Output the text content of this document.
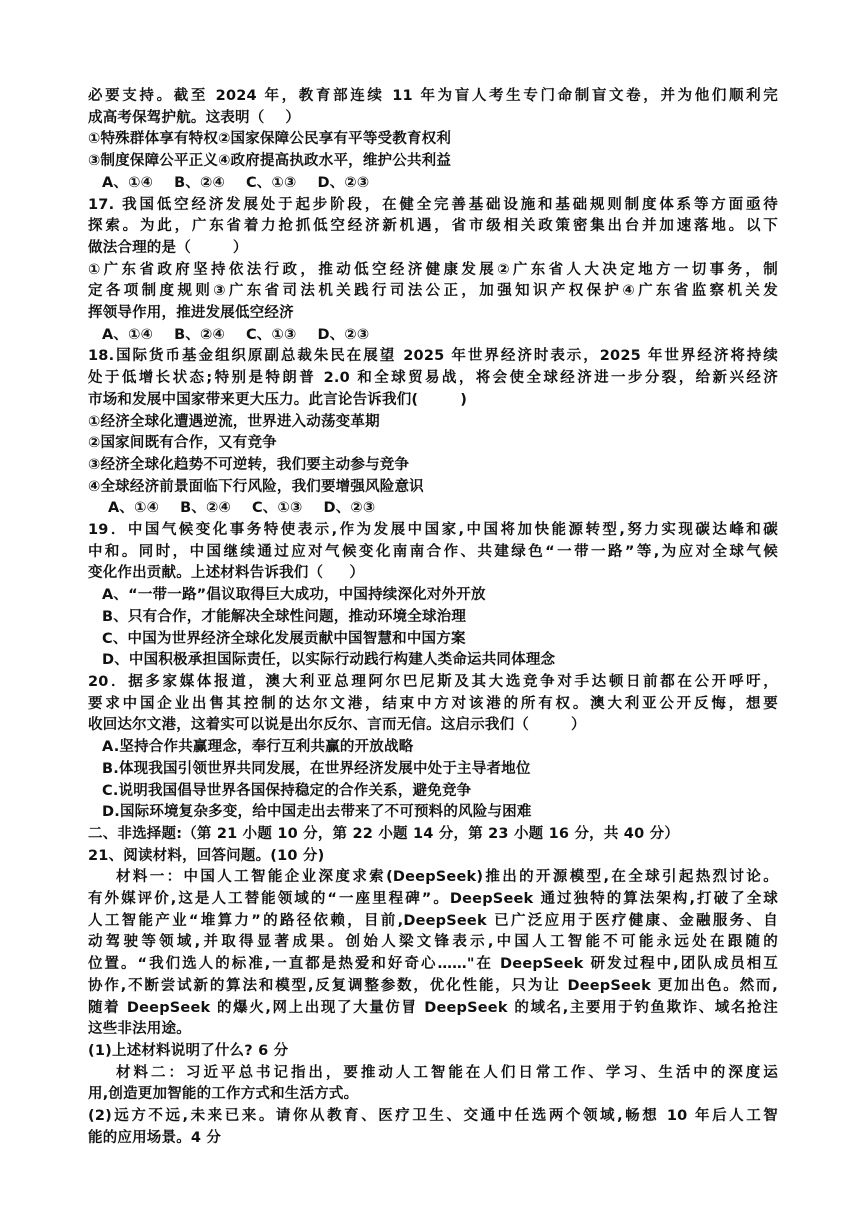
必要支持。截至 2024 年，教育部连续 11 年为盲人考生专门命制盲文卷，并为他们顺利完
成高考保驾护航。这表明（    ）
①特殊群体享有特权②国家保障公民享有平等受教育权利
③制度保障公平正义④政府提高执政水平，维护公共利益
A、①④    B、②④    C、①③    D、②③
17. 我国低空经济发展处于起步阶段，在健全完善基础设施和基础规则制度体系等方面亟待
探索。为此，广东省着力抢抓低空经济新机遇，省市级相关政策密集出台并加速落地。以下
做法合理的是（        ）
①广东省政府坚持依法行政，推动低空经济健康发展②广东省人大决定地方一切事务，制
定各项制度规则③广东省司法机关践行司法公正，加强知识产权保护④广东省监察机关发
挥领导作用，推进发展低空经济
A、①④    B、②④    C、①③    D、②③
18.国际货币基金组织原副总裁朱民在展望 2025 年世界经济时表示，2025 年世界经济将持续
处于低增长状态;特别是特朗普 2.0 和全球贸易战，将会使全球经济进一步分裂，给新兴经济
市场和发展中国家带来更大压力。此言论告诉我们(        )
①经济全球化遭遇逆流，世界进入动荡变革期
②国家间既有合作，又有竞争
③经济全球化趋势不可逆转，我们要主动参与竞争
④全球经济前景面临下行风险，我们要增强风险意识
A、①④    B、②④    C、①③    D、②③
19．中国气候变化事务特使表示,作为发展中国家,中国将加快能源转型,努力实现碳达峰和碳
中和。同时，中国继续通过应对气候变化南南合作、共建绿色“一带一路”等,为应对全球气候
变化作出贡献。上述材料告诉我们（     ）
A、“一带一路”倡议取得巨大成功，中国持续深化对外开放
B、只有合作，才能解决全球性问题，推动环境全球治理
C、中国为世界经济全球化发展贡献中国智慧和中国方案
D、中国积极承担国际责任，以实际行动践行构建人类命运共同体理念
20．据多家媒体报道，澳大利亚总理阿尔巴尼斯及其大选竞争对手达顿日前都在公开呼吁，
要求中国企业出售其控制的达尔文港，结束中方对该港的所有权。澳大利亚公开反悔，想要
收回达尔文港，这着实可以说是出尔反尔、言而无信。这启示我们（        ）
A.坚持合作共赢理念，奉行互利共赢的开放战略
B.体现我国引领世界共同发展，在世界经济发展中处于主导者地位
C.说明我国倡导世界各国保持稳定的合作关系，避免竞争
D.国际环境复杂多变，给中国走出去带来了不可预料的风险与困难
二、非选择题:（第 21 小题 10 分，第 22 小题 14 分，第 23 小题 16 分，共 40 分）
21、阅读材料，回答问题。(10 分)
材料一：中国人工智能企业深度求索(DeepSeek)推出的开源模型,在全球引起热烈讨论。
有外媒评价,这是人工替能领域的“一座里程碑”。DeepSeek 通过独特的算法架构,打破了全球
人工智能产业“堆算力”的路径依赖，目前,DeepSeek 已广泛应用于医疗健康、金融服务、自
动驾驶等领域,并取得显著成果。创始人梁文锋表示,中国人工智能不可能永远处在跟随的
位置。“我们选人的标准,一直都是热爱和好奇心……"在 DeepSeek 研发过程中,团队成员相互
协作,不断尝试新的算法和模型,反复调整参数，优化性能，只为让 DeepSeek 更加出色。然而,
随着 DeepSeek 的爆火,网上出现了大量仿冒 DeepSeek 的域名,主要用于钓鱼欺诈、域名抢注
这些非法用途。
(1)上述材料说明了什么? 6 分
材料二：习近平总书记指出，要推动人工智能在人们日常工作、学习、生活中的深度运
用,创造更加智能的工作方式和生活方式。
(2)远方不远,未来已来。请你从教育、医疗卫生、交通中任选两个领域,畅想 10 年后人工智
能的应用场景。4 分
